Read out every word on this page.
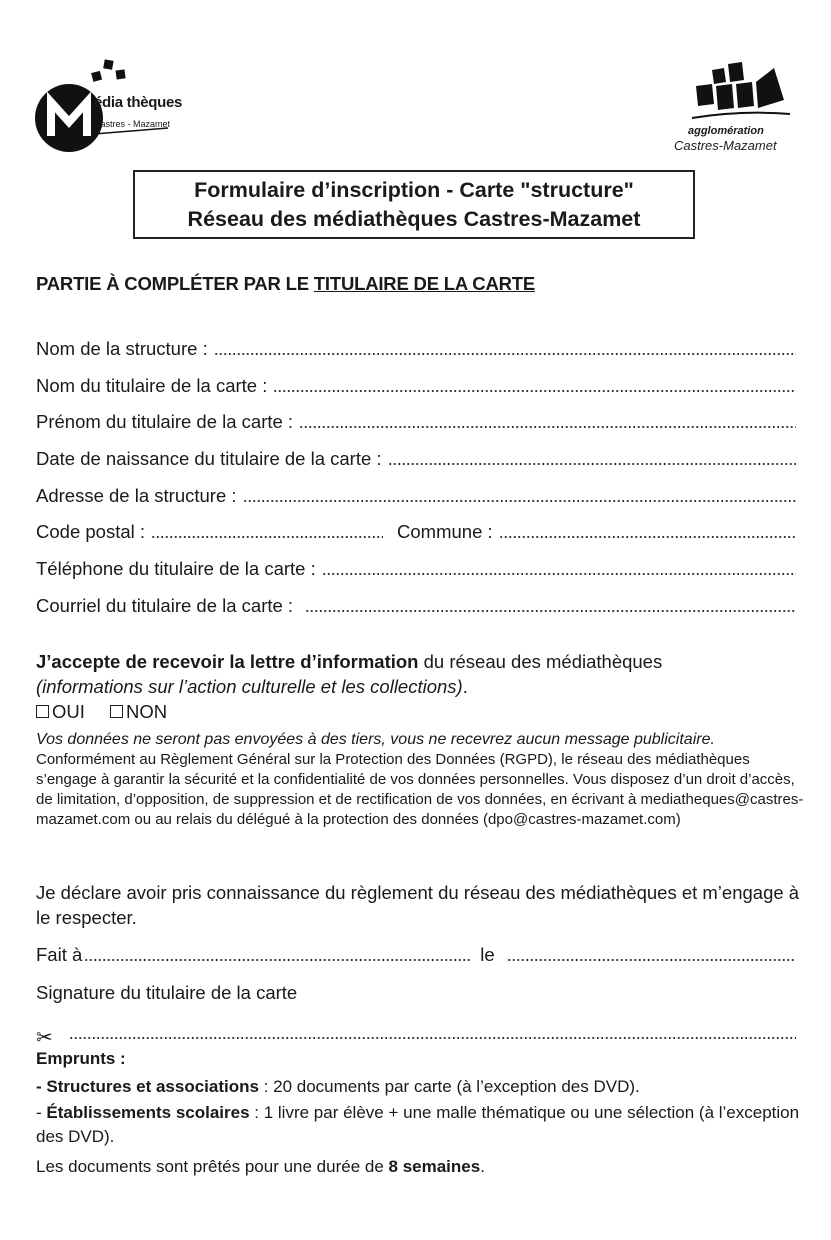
édia thèques
Castres - Mazamet
agglomération
Castres-Mazamet
Formulaire d’inscription - Carte "structure"
Réseau des médiathèques Castres-Mazamet
PARTIE À COMPLÉTER PAR LE TITULAIRE DE LA CARTE
Nom de la structure :
Nom du titulaire de la carte :
Prénom du titulaire de la carte :
Date de naissance du titulaire de la carte :
Adresse de la structure :
Code postal :	Commune :
Téléphone du titulaire de la carte :
Courriel du titulaire de la carte :
J’accepte de recevoir la lettre d’information du réseau des médiathèques
(informations sur l’action culturelle et les collections).
OUI NON
Vos données ne seront pas envoyées à des tiers, vous ne recevrez aucun message publicitaire.
Conformément au Règlement Général sur la Protection des Données (RGPD), le réseau des médiathèques s’engage à garantir la sécurité et la confidentialité de vos données personnelles. Vous disposez d’un droit d’accès, de limitation, d’opposition, de suppression et de rectification de vos données, en écrivant à mediatheques@castres-mazamet.com ou au relais du délégué à la protection des données (dpo@castres-mazamet.com)
Je déclare avoir pris connaissance du règlement du réseau des médiathèques et m’engage à le respecter.
Fait à	le
Signature du titulaire de la carte
✂
Emprunts :
- Structures et associations : 20 documents par carte (à l’exception des DVD).
- Établissements scolaires : 1 livre par élève + une malle thématique ou une sélection (à l’exception des DVD).
Les documents sont prêtés pour une durée de 8 semaines.
